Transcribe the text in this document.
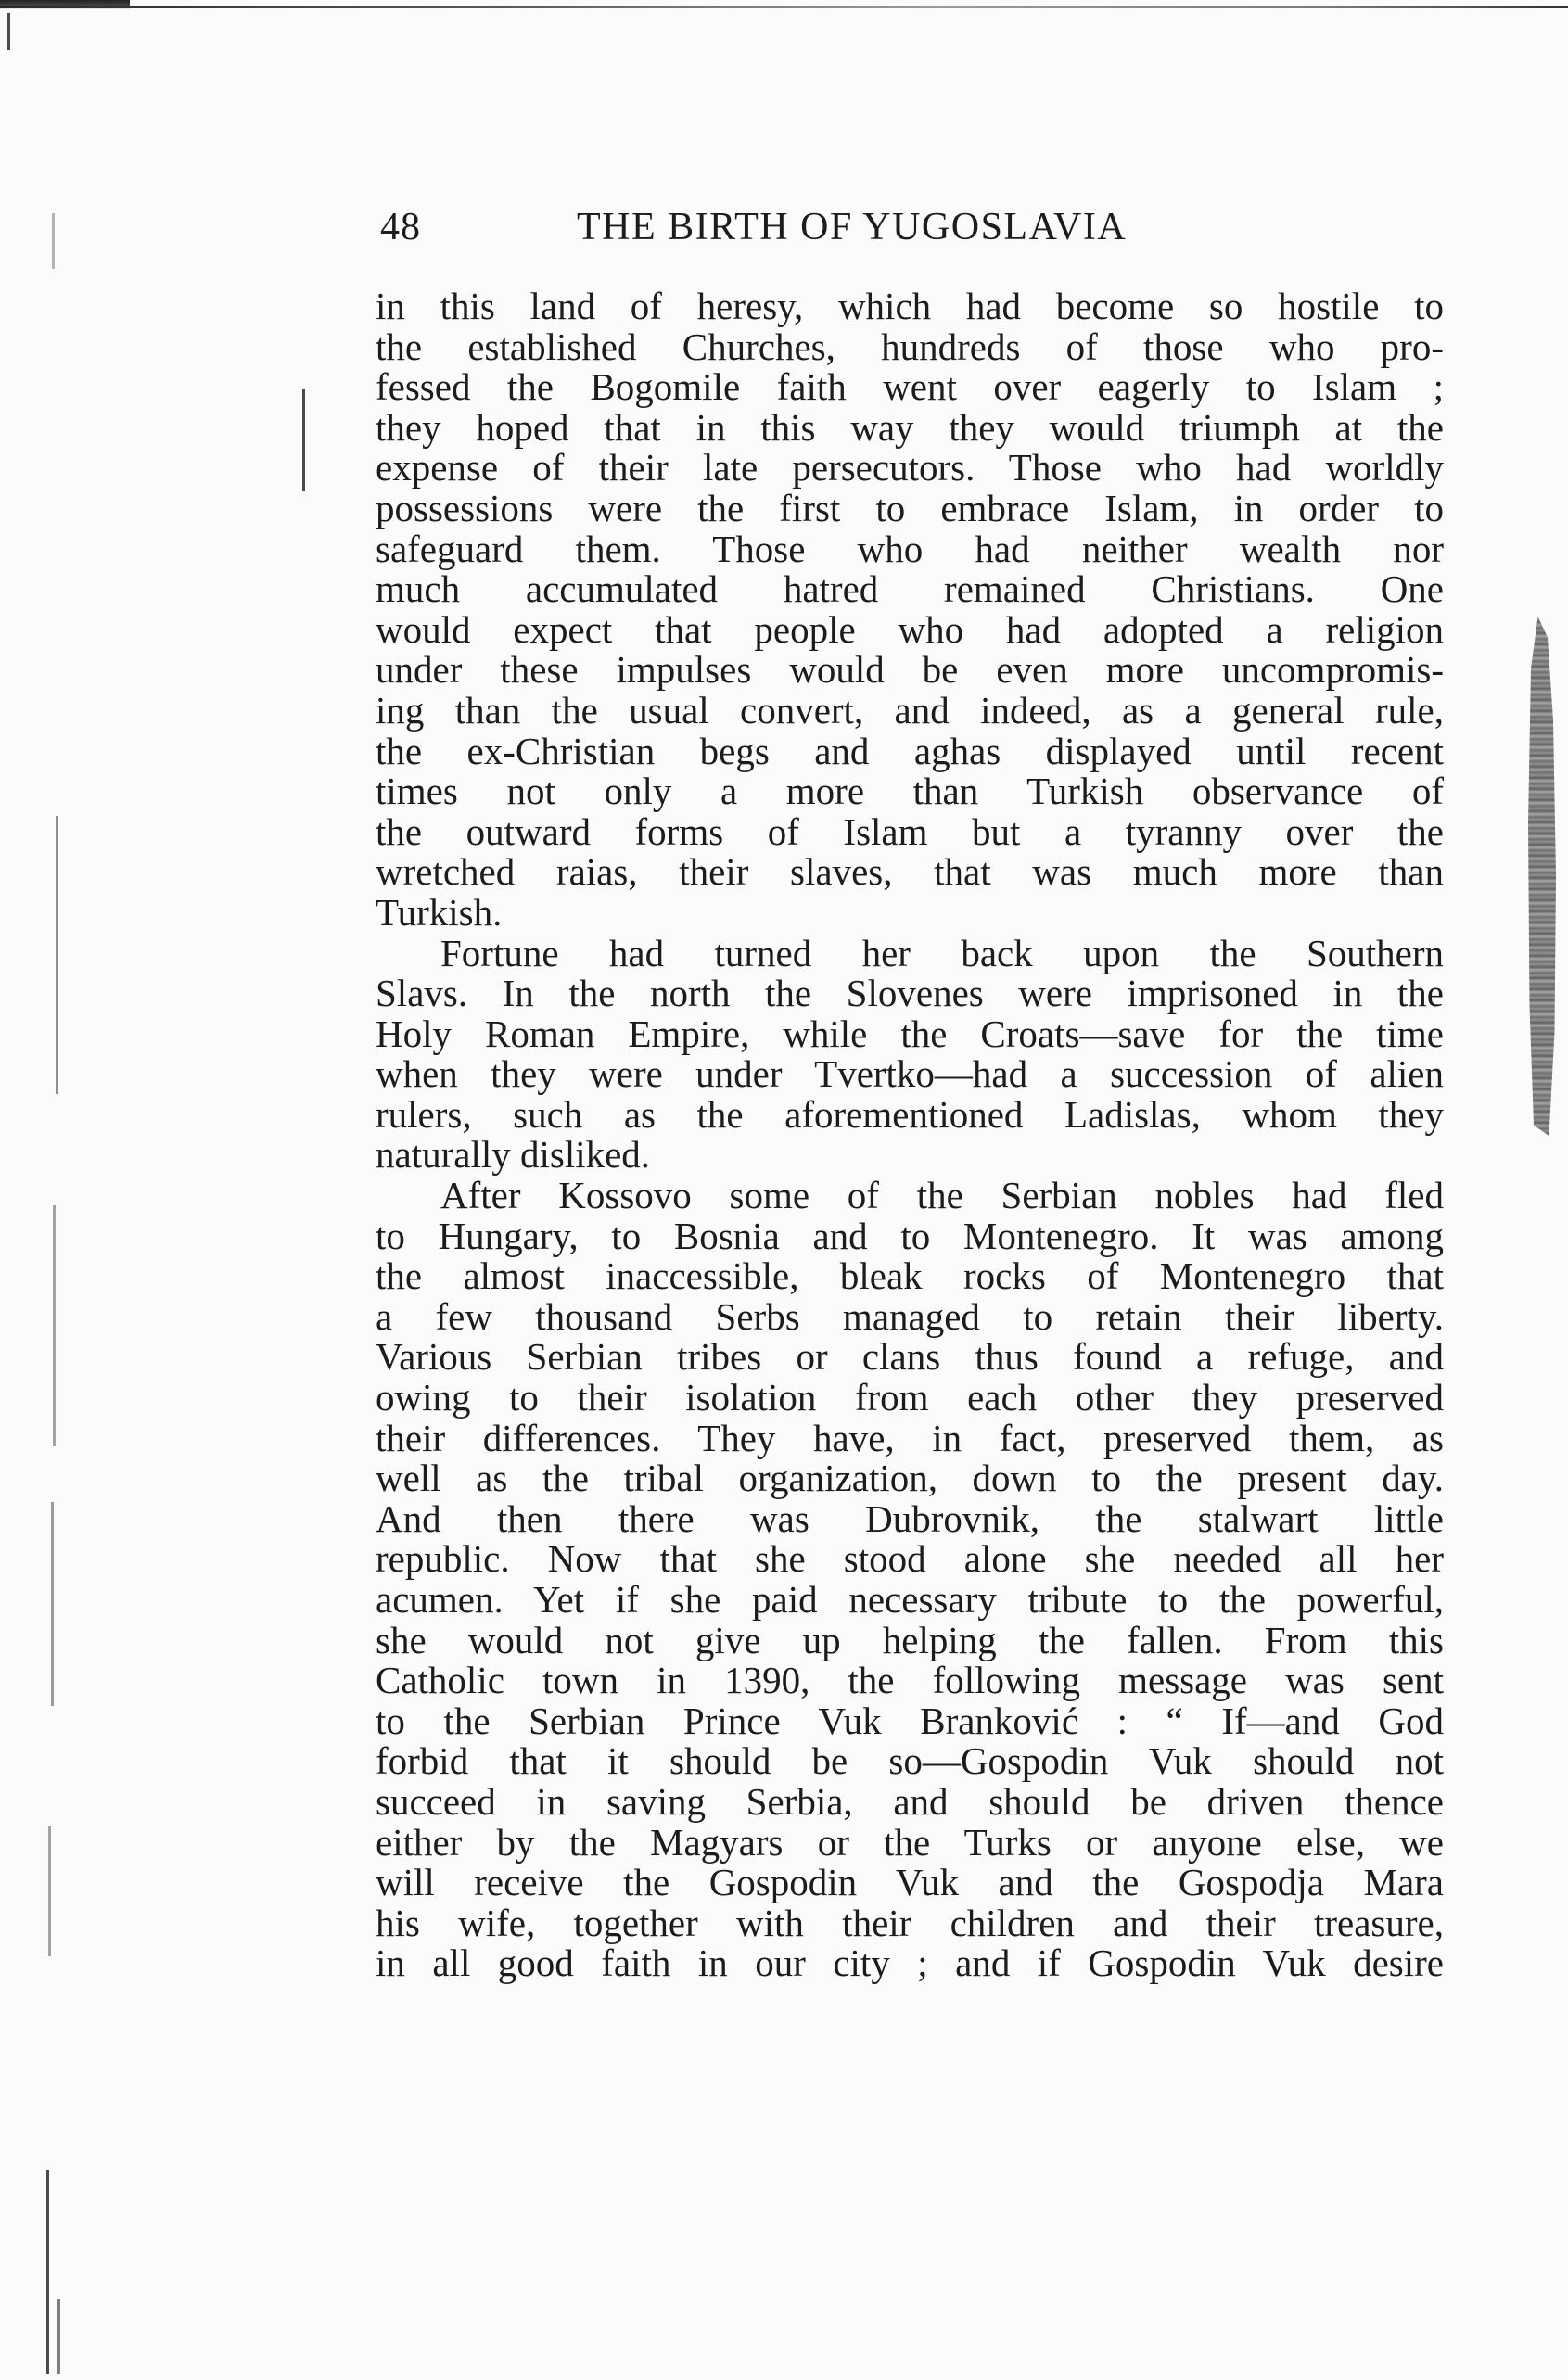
48	THE BIRTH OF YUGOSLAVIA
in this land of heresy, which had become so hostile to
the established Churches, hundreds of those who pro-
fessed the Bogomile faith went over eagerly to Islam ;
they hoped that in this way they would triumph at the
expense of their late persecutors. Those who had worldly
possessions were the first to embrace Islam, in order to
safeguard them. Those who had neither wealth nor
much accumulated hatred remained Christians. One
would expect that people who had adopted a religion
under these impulses would be even more uncompromis-
ing than the usual convert, and indeed, as a general rule,
the ex-Christian begs and aghas displayed until recent
times not only a more than Turkish observance of
the outward forms of Islam but a tyranny over the
wretched raias, their slaves, that was much more than
Turkish.
Fortune had turned her back upon the Southern
Slavs. In the north the Slovenes were imprisoned in the
Holy Roman Empire, while the Croats—save for the time
when they were under Tvertko—had a succession of alien
rulers, such as the aforementioned Ladislas, whom they
naturally disliked.
After Kossovo some of the Serbian nobles had fled
to Hungary, to Bosnia and to Montenegro. It was among
the almost inaccessible, bleak rocks of Montenegro that
a few thousand Serbs managed to retain their liberty.
Various Serbian tribes or clans thus found a refuge, and
owing to their isolation from each other they preserved
their differences. They have, in fact, preserved them, as
well as the tribal organization, down to the present day.
And then there was Dubrovnik, the stalwart little
republic. Now that she stood alone she needed all her
acumen. Yet if she paid necessary tribute to the powerful,
she would not give up helping the fallen. From this
Catholic town in 1390, the following message was sent
to the Serbian Prince Vuk Branković : “ If—and God
forbid that it should be so—Gospodin Vuk should not
succeed in saving Serbia, and should be driven thence
either by the Magyars or the Turks or anyone else, we
will receive the Gospodin Vuk and the Gospodja Mara
his wife, together with their children and their treasure,
in all good faith in our city ; and if Gospodin Vuk desire
